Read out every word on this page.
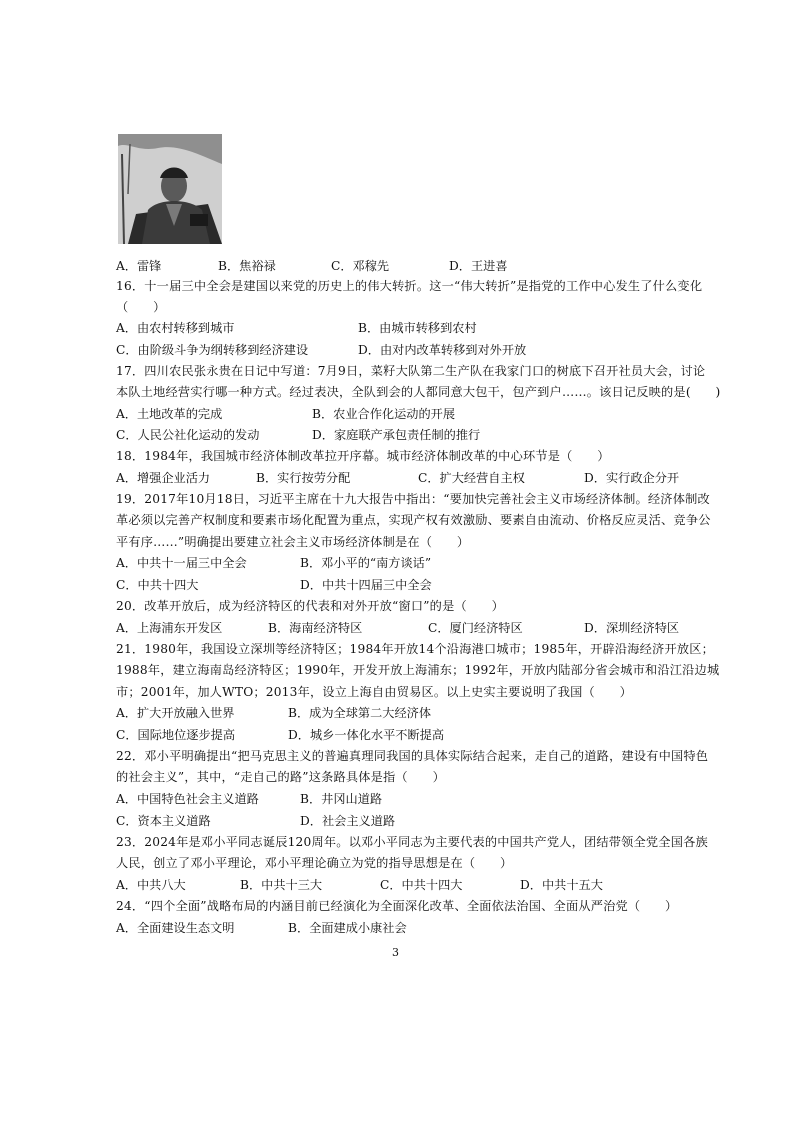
A．雷锋	B．焦裕禄	C．邓稼先	D．王进喜
16．十一届三中全会是建国以来党的历史上的伟大转折。这一“伟大转折”是指党的工作中心发生了什么变化
（　　）
A．由农村转移到城市	B．由城市转移到农村
C．由阶级斗争为纲转移到经济建设	D．由对内改革转移到对外开放
17．四川农民张永贵在日记中写道：7月9日，菜籽大队第二生产队在我家门口的树底下召开社员大会，讨论
本队土地经营实行哪一种方式。经过表决，全队到会的人都同意大包干，包产到户……。该日记反映的是(　　)
A．土地改革的完成	B．农业合作化运动的开展
C．人民公社化运动的发动	D．家庭联产承包责任制的推行
18．1984年，我国城市经济体制改革拉开序幕。城市经济体制改革的中心环节是（　　）
A．增强企业活力	B．实行按劳分配	C．扩大经营自主权	D．实行政企分开
19．2017年10月18日，习近平主席在十九大报告中指出：“要加快完善社会主义市场经济体制。经济体制改
革必须以完善产权制度和要素市场化配置为重点，实现产权有效激励、要素自由流动、价格反应灵活、竞争公
平有序……”明确提出要建立社会主义市场经济体制是在（　　）
A．中共十一届三中全会	B．邓小平的“南方谈话”
C．中共十四大	D．中共十四届三中全会
20．改革开放后，成为经济特区的代表和对外开放“窗口”的是（　　）
A．上海浦东开发区	B．海南经济特区	C．厦门经济特区	D．深圳经济特区
21．1980年，我国设立深圳等经济特区；1984年开放14个沿海港口城市；1985年，开辟沿海经济开放区；
1988年，建立海南岛经济特区；1990年，开发开放上海浦东；1992年，开放内陆部分省会城市和沿江沿边城
市；2001年，加人WTO；2013年，设立上海自由贸易区。以上史实主要说明了我国（　　）
A．扩大开放融入世界	B．成为全球第二大经济体
C．国际地位逐步提高	D．城乡一体化水平不断提高
22．邓小平明确提出“把马克思主义的普遍真理同我国的具体实际结合起来，走自己的道路，建设有中国特色
的社会主义”，其中，“走自己的路”这条路具体是指（　　）
A．中国特色社会主义道路	B．井冈山道路
C．资本主义道路	D．社会主义道路
23．2024年是邓小平同志诞辰120周年。以邓小平同志为主要代表的中国共产党人，团结带领全党全国各族
人民，创立了邓小平理论，邓小平理论确立为党的指导思想是在（　　）
A．中共八大	B．中共十三大	C．中共十四大	D．中共十五大
24．“四个全面”战略布局的内涵目前已经演化为全面深化改革、全面依法治国、全面从严治党（　　）
A．全面建设生态文明	B．全面建成小康社会
3
